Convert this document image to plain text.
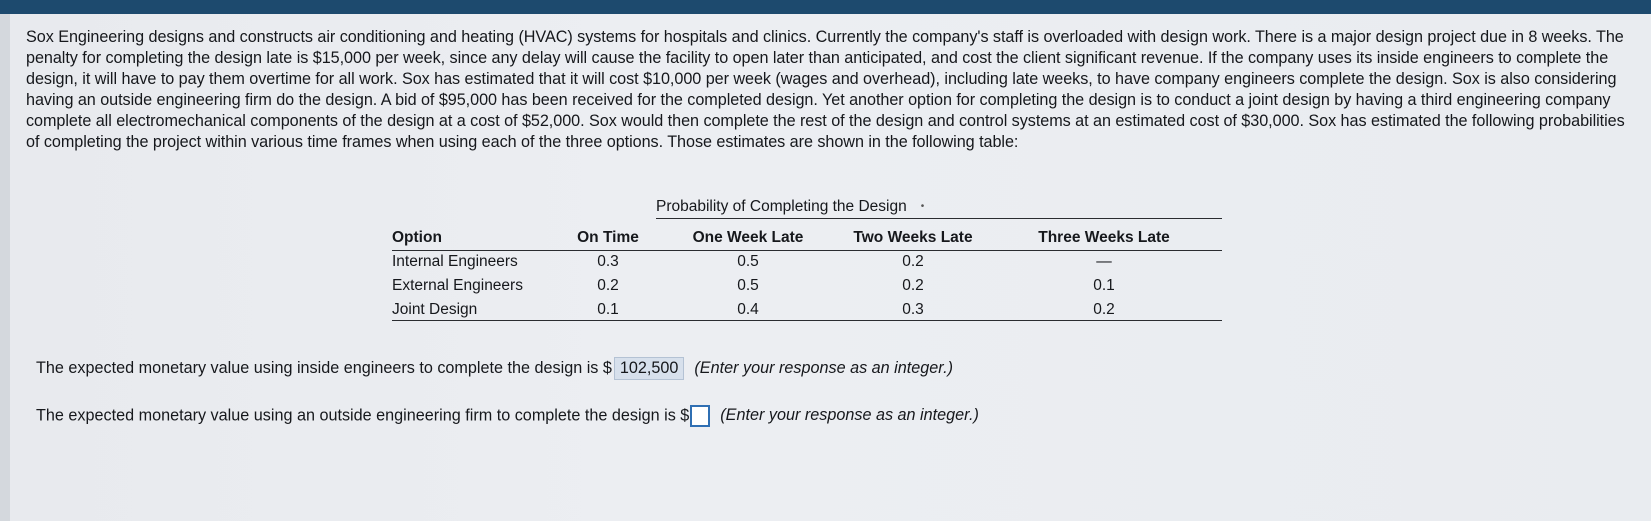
Sox Engineering designs and constructs air conditioning and heating (HVAC) systems for hospitals and clinics. Currently the company's staff is overloaded with design work. There is a major design project due in 8 weeks. The penalty for completing the design late is $15,000 per week, since any delay will cause the facility to open later than anticipated, and cost the client significant revenue. If the company uses its inside engineers to complete the design, it will have to pay them overtime for all work. Sox has estimated that it will cost $10,000 per week (wages and overhead), including late weeks, to have company engineers complete the design. Sox is also considering having an outside engineering firm do the design. A bid of $95,000 has been received for the completed design. Yet another option for completing the design is to conduct a joint design by having a third engineering company complete all electromechanical components of the design at a cost of $52,000. Sox would then complete the rest of the design and control systems at an estimated cost of $30,000. Sox has estimated the following probabilities of completing the project within various time frames when using each of the three options. Those estimates are shown in the following table:

Probability of Completing the Design •
Option	On Time	One Week Late	Two Weeks Late	Three Weeks Late
Internal Engineers	0.3	0.5	0.2	—
External Engineers	0.2	0.5	0.2	0.1
Joint Design	0.1	0.4	0.3	0.2
The expected monetary value using inside engineers to complete the design is $ 102,500 (Enter your response as an integer.)
The expected monetary value using an outside engineering firm to complete the design is $ (Enter your response as an integer.)
